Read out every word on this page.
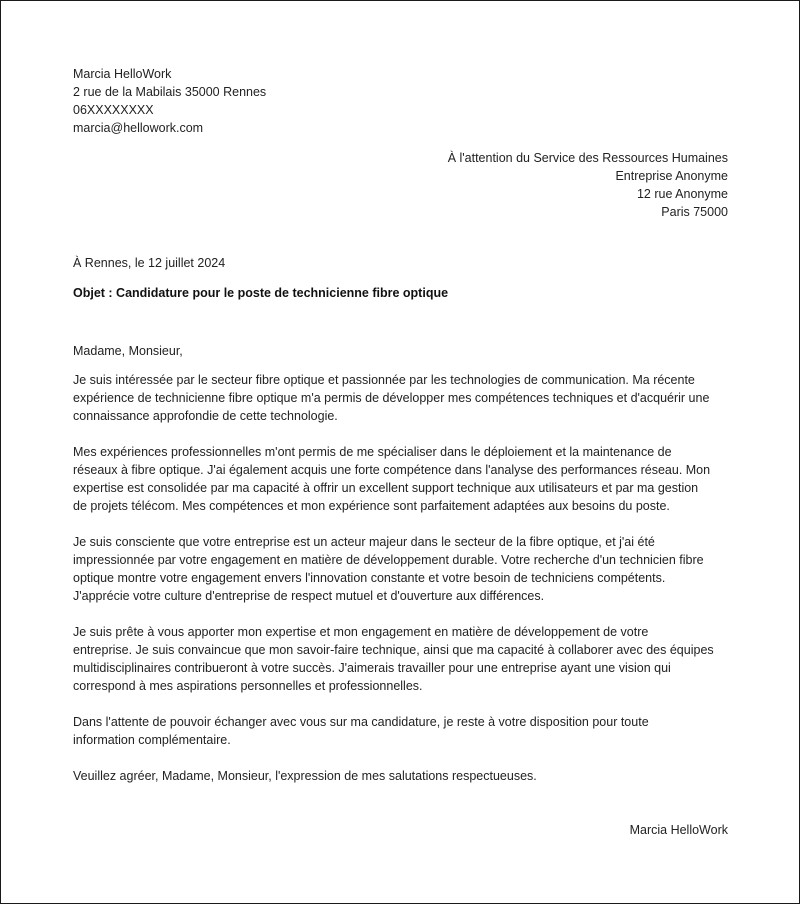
Marcia HelloWork
2 rue de la Mabilais 35000 Rennes
06XXXXXXXX
marcia@hellowork.com
À l'attention du Service des Ressources Humaines
Entreprise Anonyme
12 rue Anonyme
Paris 75000
À Rennes, le 12 juillet 2024
Objet : Candidature pour le poste de technicienne fibre optique
Madame, Monsieur,
Je suis intéressée par le secteur fibre optique et passionnée par les technologies de communication. Ma récente
expérience de technicienne fibre optique m'a permis de développer mes compétences techniques et d'acquérir une
connaissance approfondie de cette technologie.
Mes expériences professionnelles m'ont permis de me spécialiser dans le déploiement et la maintenance de
réseaux à fibre optique. J'ai également acquis une forte compétence dans l'analyse des performances réseau. Mon
expertise est consolidée par ma capacité à offrir un excellent support technique aux utilisateurs et par ma gestion
de projets télécom. Mes compétences et mon expérience sont parfaitement adaptées aux besoins du poste.
Je suis consciente que votre entreprise est un acteur majeur dans le secteur de la fibre optique, et j'ai été
impressionnée par votre engagement en matière de développement durable. Votre recherche d'un technicien fibre
optique montre votre engagement envers l'innovation constante et votre besoin de techniciens compétents.
J'apprécie votre culture d'entreprise de respect mutuel et d'ouverture aux différences.
Je suis prête à vous apporter mon expertise et mon engagement en matière de développement de votre
entreprise. Je suis convaincue que mon savoir-faire technique, ainsi que ma capacité à collaborer avec des équipes
multidisciplinaires contribueront à votre succès. J'aimerais travailler pour une entreprise ayant une vision qui
correspond à mes aspirations personnelles et professionnelles.
Dans l'attente de pouvoir échanger avec vous sur ma candidature, je reste à votre disposition pour toute
information complémentaire.
Veuillez agréer, Madame, Monsieur, l'expression de mes salutations respectueuses.
Marcia HelloWork
